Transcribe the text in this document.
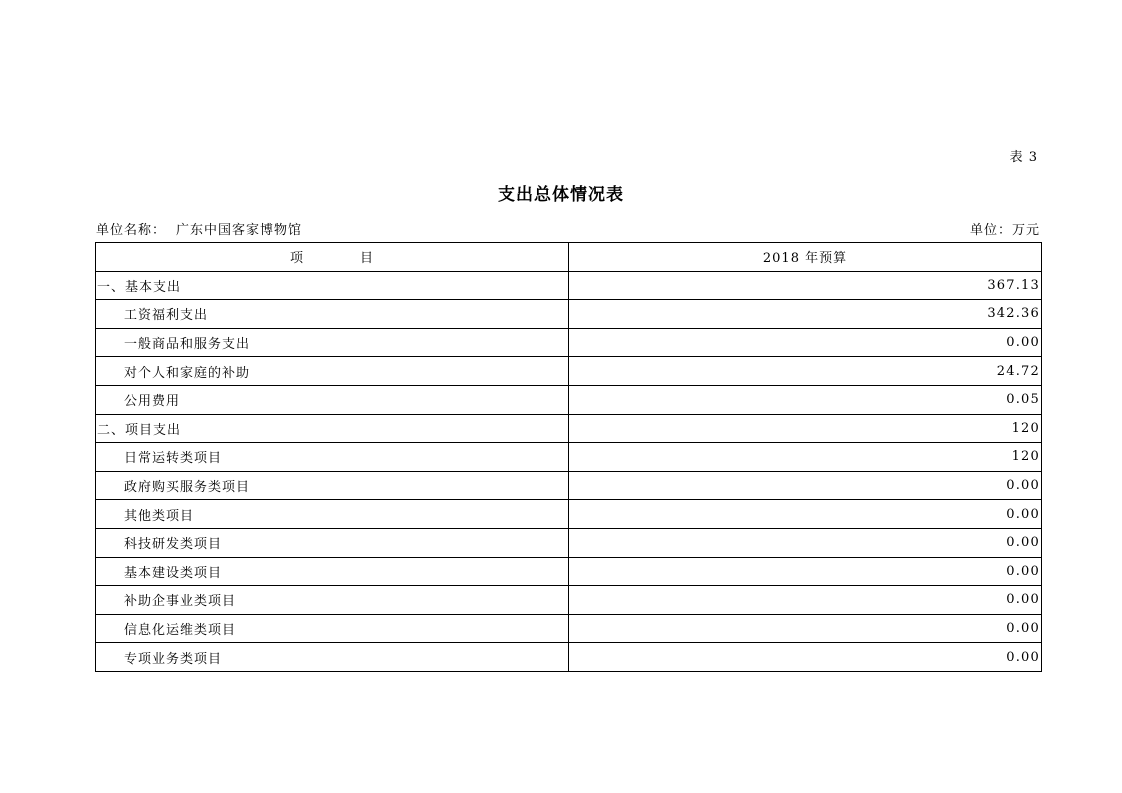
表 3
支出总体情况表
单位名称： 广东中国客家博物馆	单位：万元
项　　　　目	2018 年预算
一、基本支出	367.13
工资福利支出	342.36
一般商品和服务支出	0.00
对个人和家庭的补助	24.72
公用费用	0.05
二、项目支出	120
日常运转类项目	120
政府购买服务类项目	0.00
其他类项目	0.00
科技研发类项目	0.00
基本建设类项目	0.00
补助企事业类项目	0.00
信息化运维类项目	0.00
专项业务类项目	0.00
